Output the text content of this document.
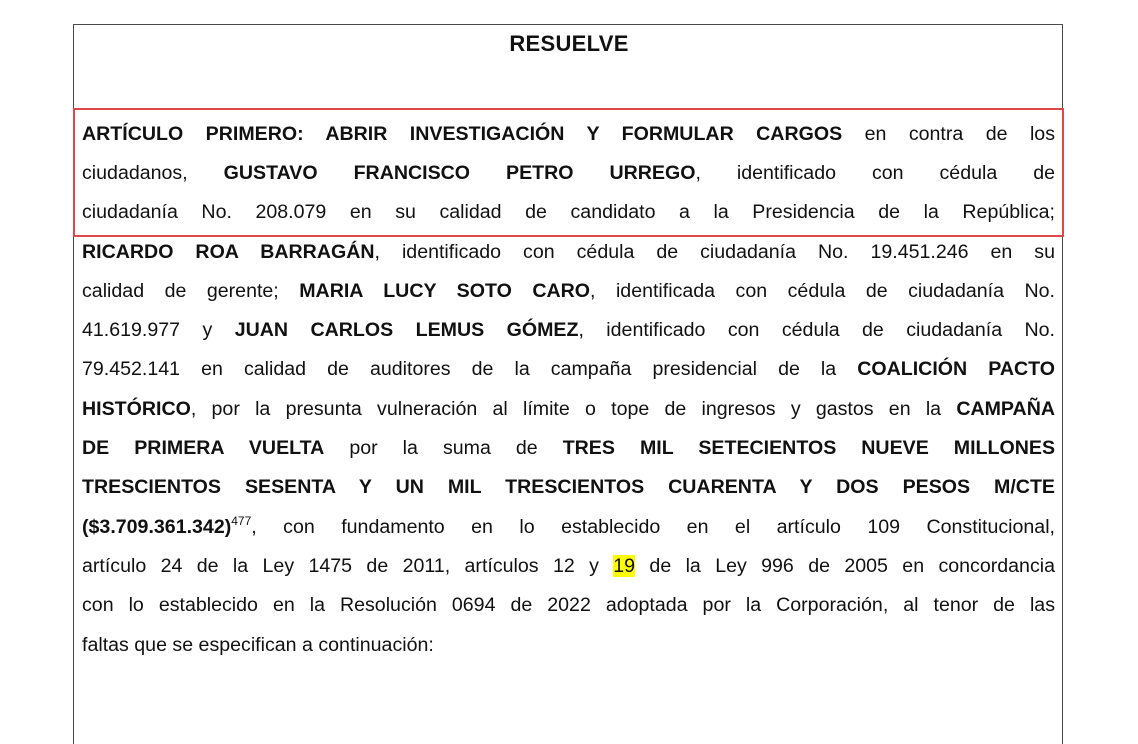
RESUELVE
ARTÍCULO PRIMERO: ABRIR INVESTIGACIÓN Y FORMULAR CARGOS en contra de los
ciudadanos, GUSTAVO FRANCISCO PETRO URREGO, identificado con cédula de
ciudadanía No. 208.079 en su calidad de candidato a la Presidencia de la República;
RICARDO ROA BARRAGÁN, identificado con cédula de ciudadanía No. 19.451.246 en su
calidad de gerente; MARIA LUCY SOTO CARO, identificada con cédula de ciudadanía No.
41.619.977 y JUAN CARLOS LEMUS GÓMEZ, identificado con cédula de ciudadanía No.
79.452.141 en calidad de auditores de la campaña presidencial de la COALICIÓN PACTO
HISTÓRICO, por la presunta vulneración al límite o tope de ingresos y gastos en la CAMPAÑA
DE PRIMERA VUELTA por la suma de TRES MIL SETECIENTOS NUEVE MILLONES
TRESCIENTOS SESENTA Y UN MIL TRESCIENTOS CUARENTA Y DOS PESOS M/CTE
($3.709.361.342)$^{477}$, con fundamento en lo establecido en el artículo 109 Constitucional,
artículo 24 de la Ley 1475 de 2011, artículos 12 y 19 de la Ley 996 de 2005 en concordancia
con lo establecido en la Resolución 0694 de 2022 adoptada por la Corporación, al tenor de las
faltas que se especifican a continuación:
